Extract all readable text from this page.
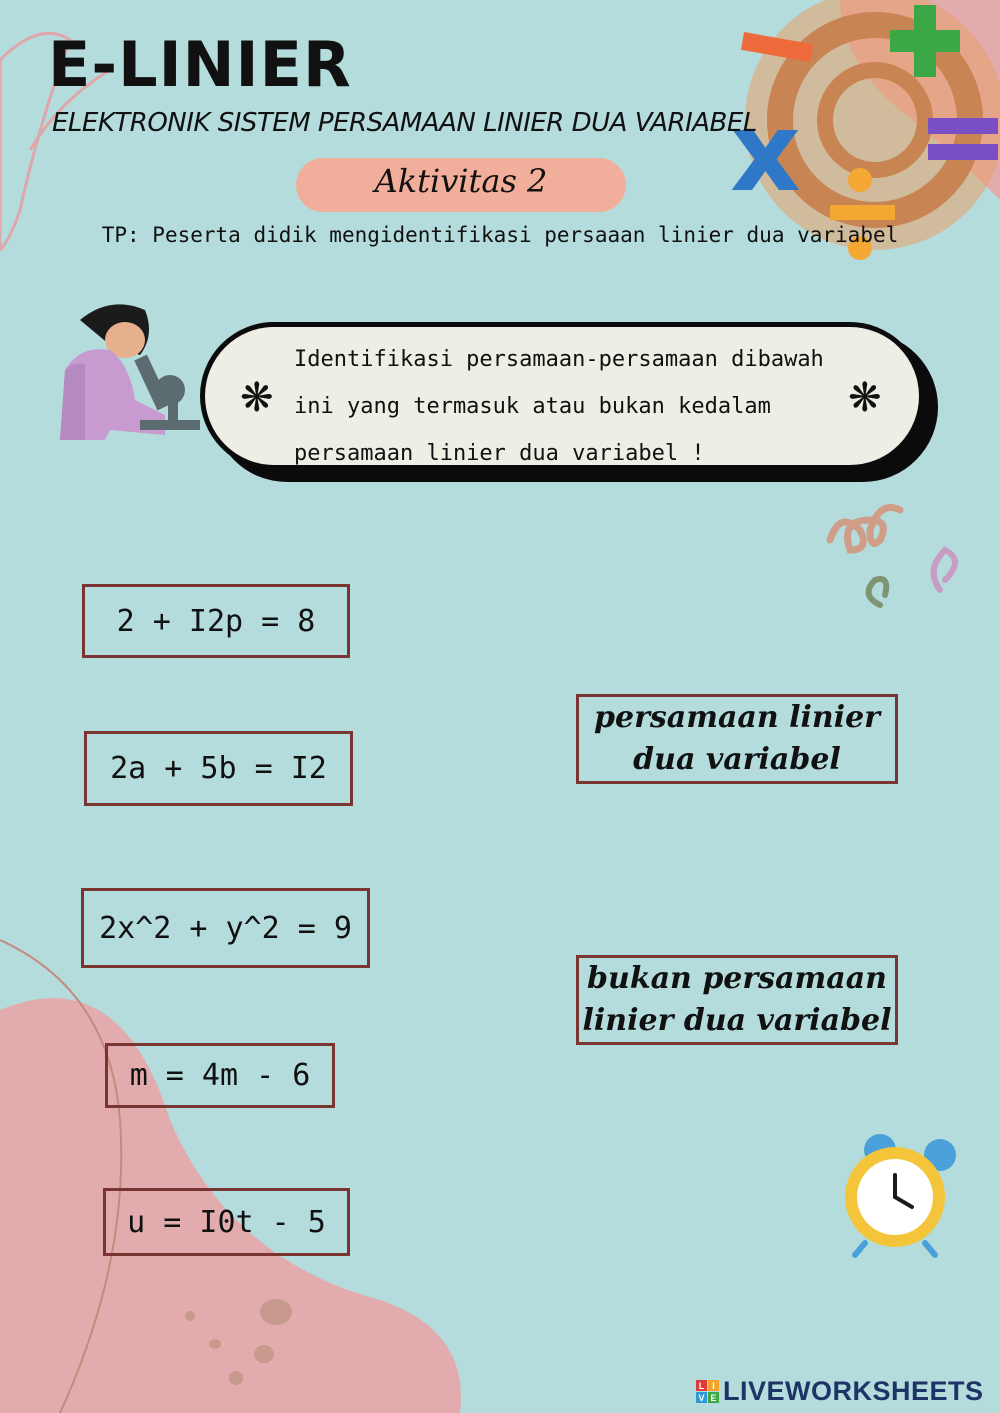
x
E-LINIER
ELEKTRONIK SISTEM PERSAMAAN LINIER DUA VARIABEL
Aktivitas 2
TP: Peserta didik mengidentifikasi persaaan linier dua variabel
❋	❋
Identifikasi persamaan-persamaan dibawah
ini yang termasuk atau bukan kedalam
persamaan linier dua variabel !
2 + I2p = 8
2a + 5b = I2
2x^2 + y^2 = 9
m = 4m - 6
u = I0t - 5
persamaan linier
dua variabel
bukan persamaan
linier dua variabel
L I
V E LIVEWORKSHEETS
